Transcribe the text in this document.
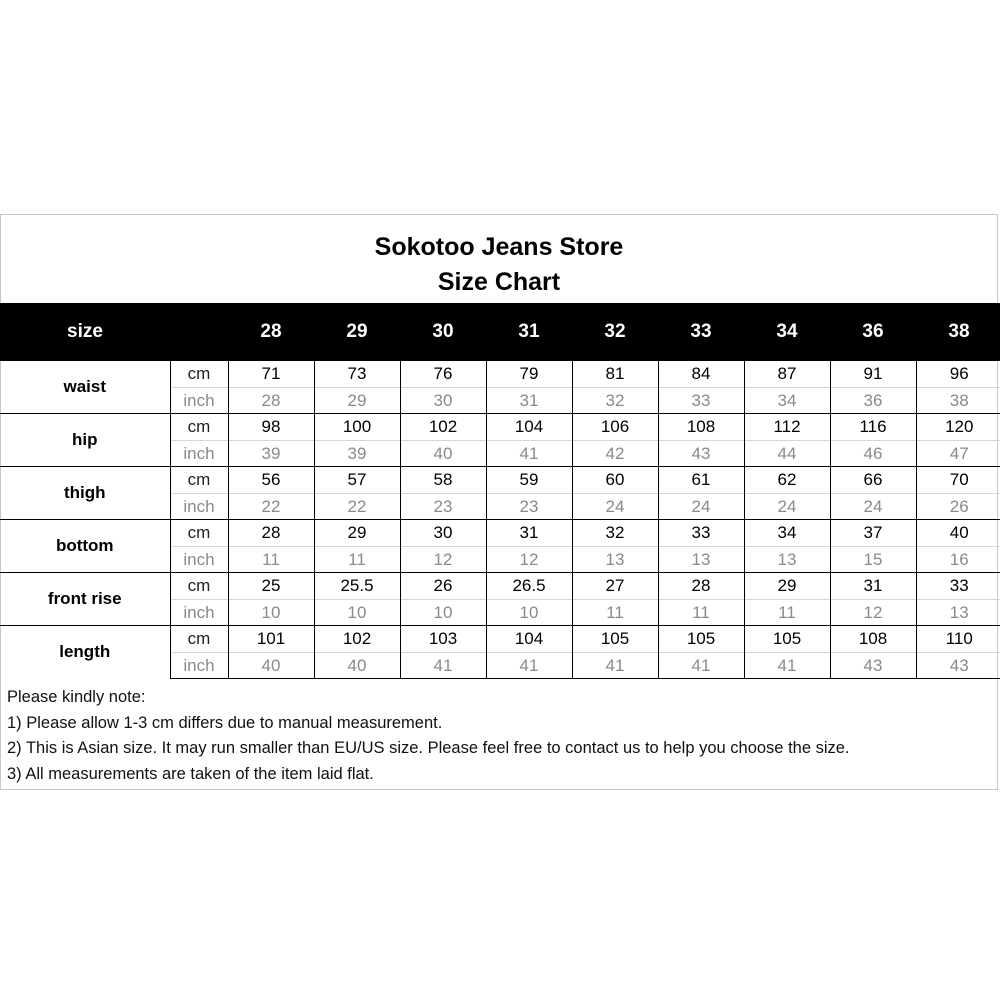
Sokotoo Jeans Store
Size Chart
size		28	29	30	31	32	33	34	36	38
waist	cm	71	73	76	79	81	84	87	91	96
	inch	28	29	30	31	32	33	34	36	38
hip	cm	98	100	102	104	106	108	112	116	120
	inch	39	39	40	41	42	43	44	46	47
thigh	cm	56	57	58	59	60	61	62	66	70
	inch	22	22	23	23	24	24	24	24	26
bottom	cm	28	29	30	31	32	33	34	37	40
	inch	11	11	12	12	13	13	13	15	16
front rise	cm	25	25.5	26	26.5	27	28	29	31	33
	inch	10	10	10	10	11	11	11	12	13
length	cm	101	102	103	104	105	105	105	108	110
	inch	40	40	41	41	41	41	41	43	43
Please kindly note:
1) Please allow 1-3 cm differs due to manual measurement.
2) This is Asian size. It may run smaller than EU/US size. Please feel free to contact us to help you choose the size.
3) All measurements are taken of the item laid flat.
